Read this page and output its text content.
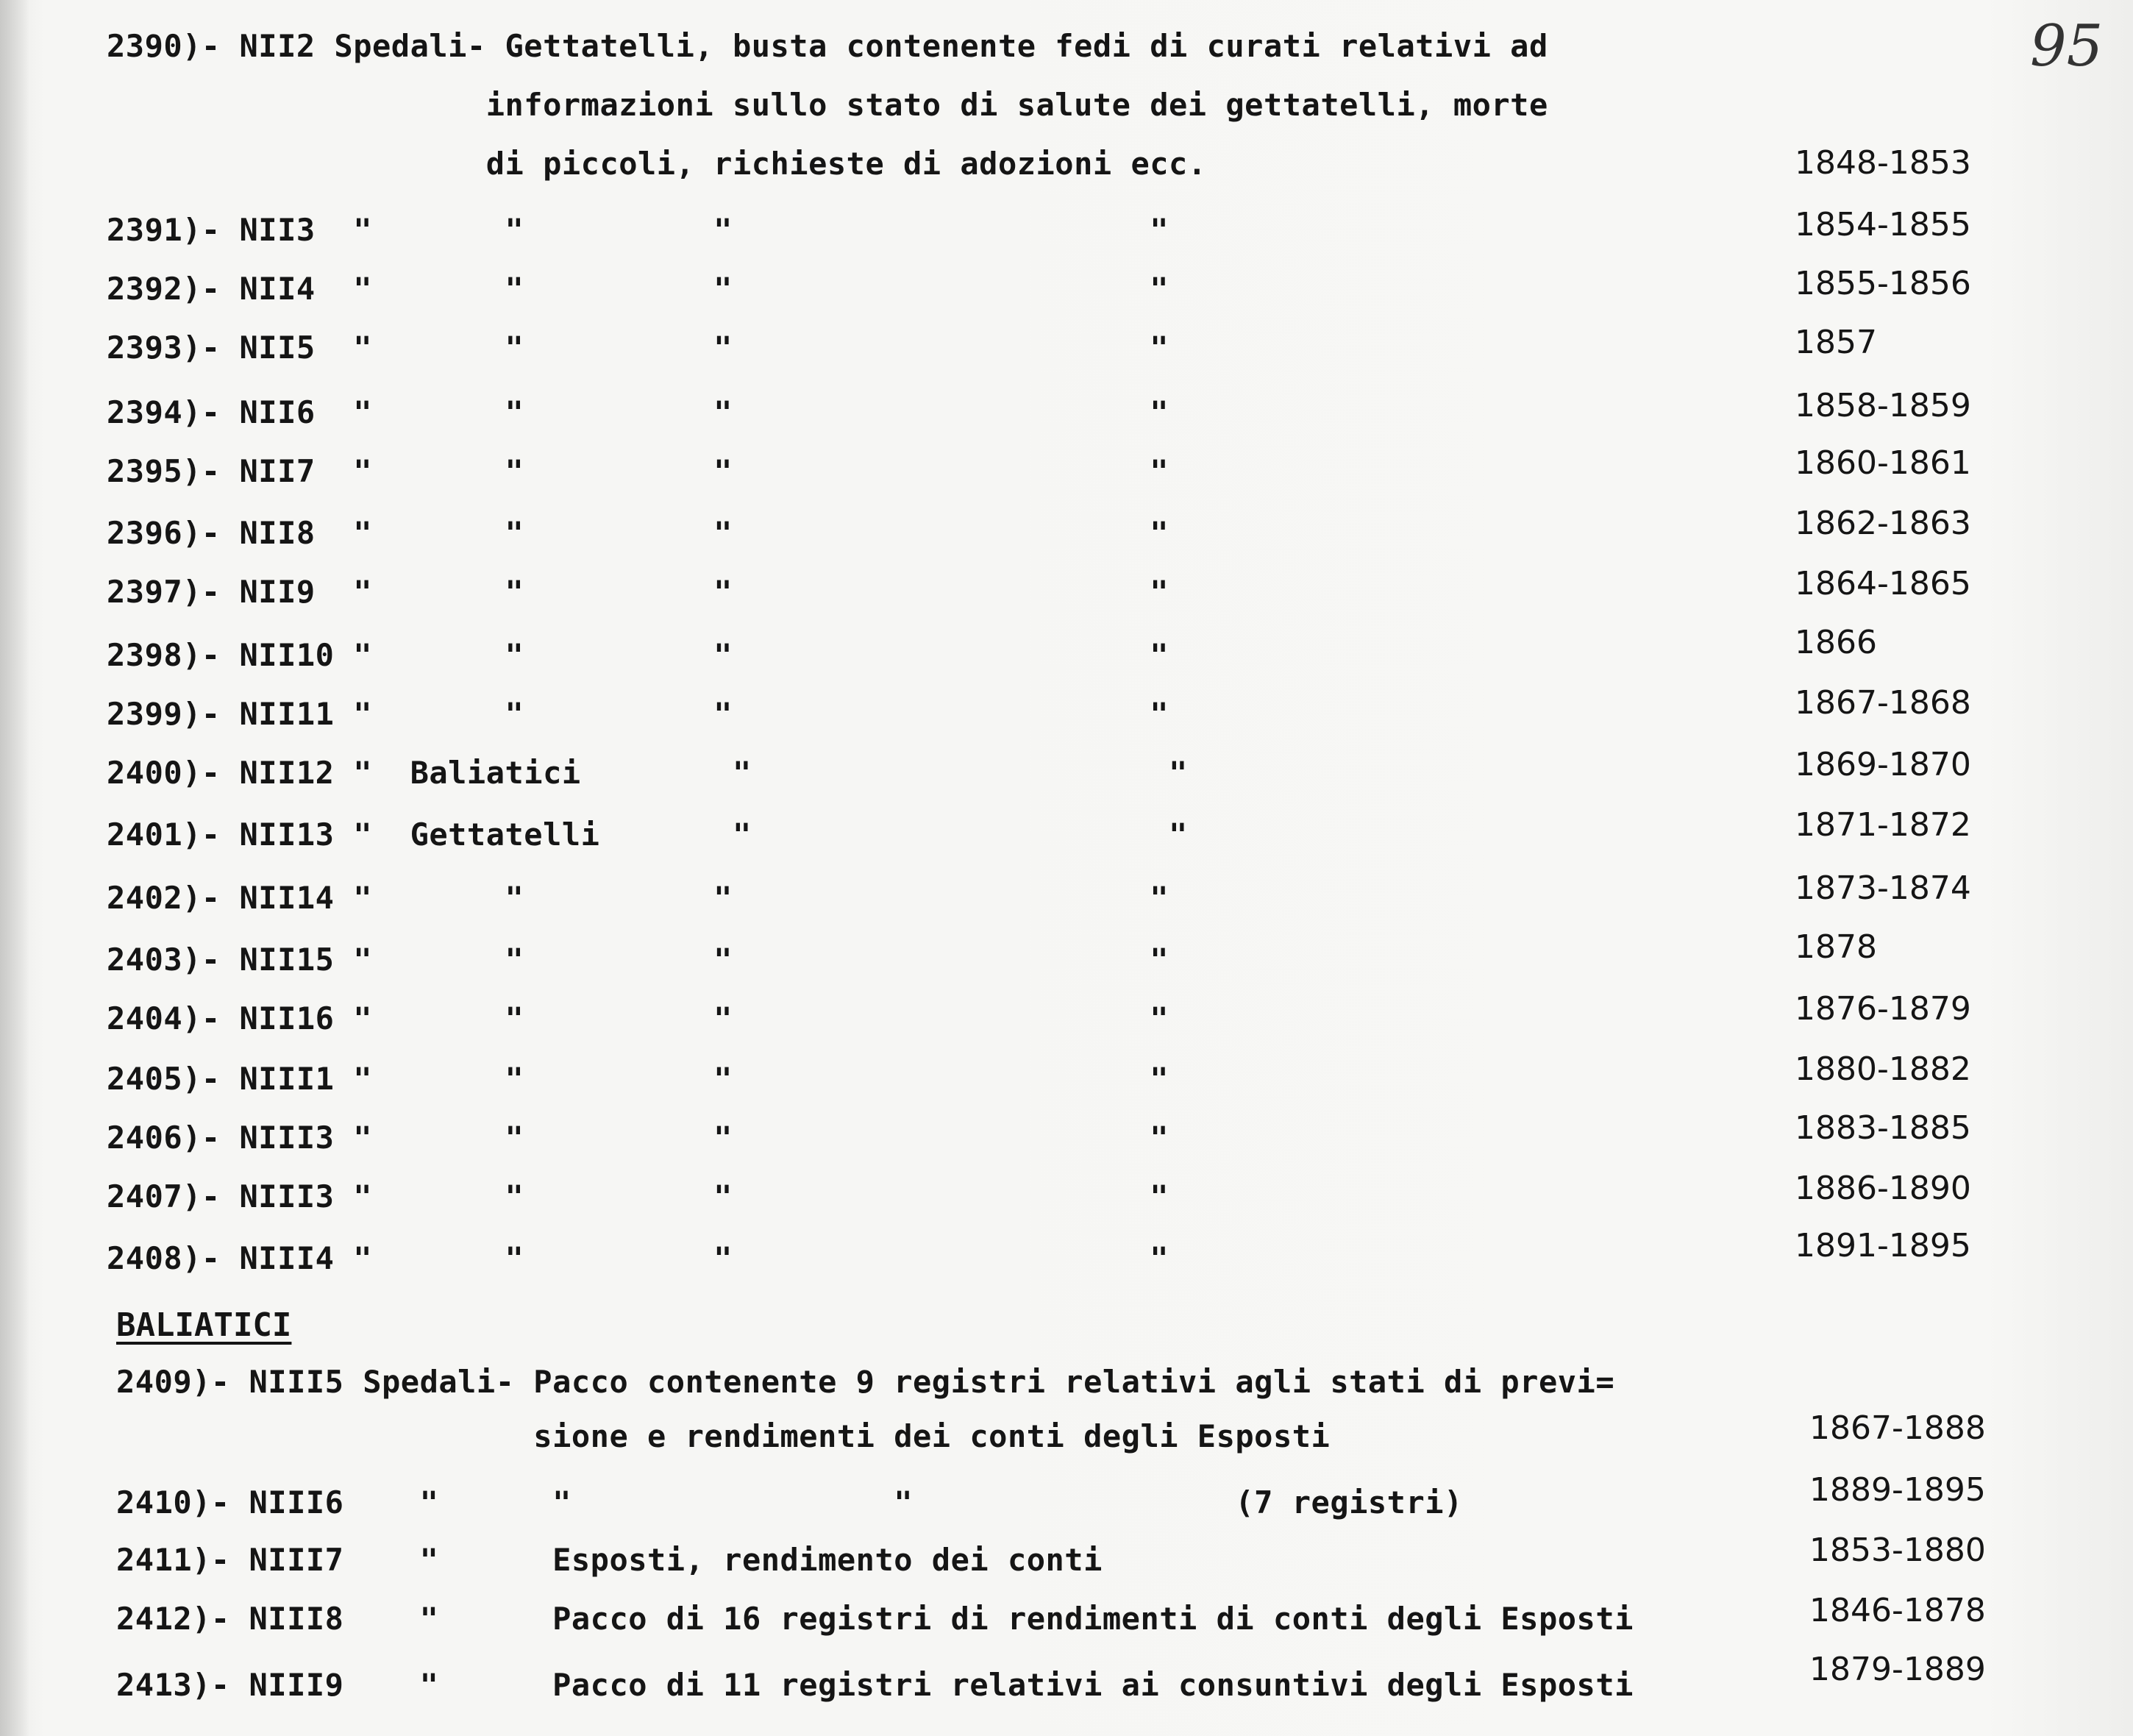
95
2390)- NII2 Spedali- Gettatelli, busta contenente fedi di curati relativi ad
informazioni sullo stato di salute dei gettatelli, morte
di piccoli, richieste di adozioni ecc.	1848-1853
2391)- NII3  "       "          "                      "	1854-1855
2392)- NII4  "       "          "                      "	1855-1856
2393)- NII5  "       "          "                      "	1857
2394)- NII6  "       "          "                      "	1858-1859
2395)- NII7  "       "          "                      "	1860-1861
2396)- NII8  "       "          "                      "	1862-1863
2397)- NII9  "       "          "                      "	1864-1865
2398)- NII10 "       "          "                      "	1866
2399)- NII11 "       "          "                      "	1867-1868
2400)- NII12 "  Baliatici        "                      "	1869-1870
2401)- NII13 "  Gettatelli       "                      "	1871-1872
2402)- NII14 "       "          "                      "	1873-1874
2403)- NII15 "       "          "                      "	1878
2404)- NII16 "       "          "                      "	1876-1879
2405)- NIII1 "       "          "                      "	1880-1882
2406)- NIII3 "       "          "                      "	1883-1885
2407)- NIII3 "       "          "                      "	1886-1890
2408)- NIII4 "       "          "                      "	1891-1895
BALIATICI
2409)- NIII5 Spedali- Pacco contenente 9 registri relativi agli stati di previ=
sione e rendimenti dei conti degli Esposti	1867-1888
2410)- NIII6    "      "                 "                 (7 registri)	1889-1895
2411)- NIII7    "      Esposti, rendimento dei conti	1853-1880
2412)- NIII8    "      Pacco di 16 registri di rendimenti di conti degli Esposti	1846-1878
2413)- NIII9    "      Pacco di 11 registri relativi ai consuntivi degli Esposti	1879-1889
